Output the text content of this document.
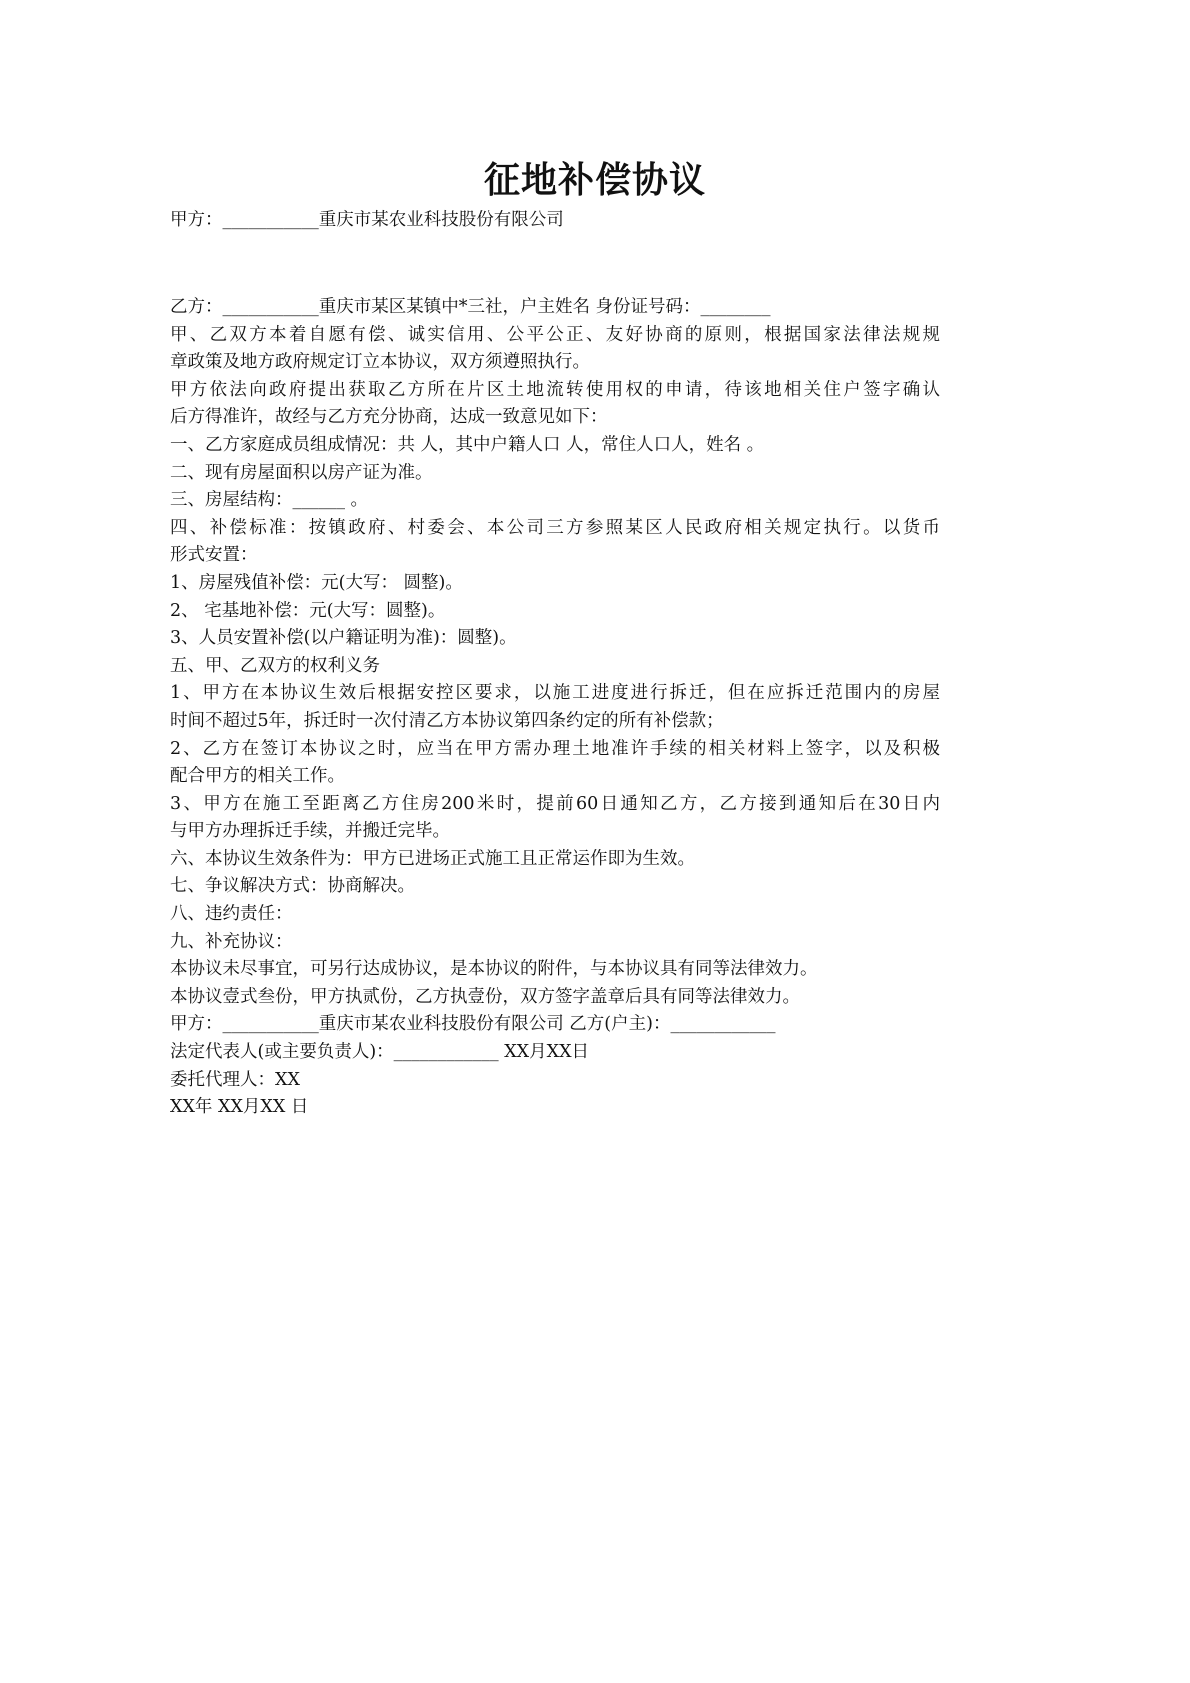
征地补偿协议
甲方：___________重庆市某农业科技股份有限公司
乙方：___________重庆市某区某镇中*三社，户主姓名 身份证号码：________
甲、乙双方本着自愿有偿、诚实信用、公平公正、友好协商的原则，根据国家法律法规规
章政策及地方政府规定订立本协议，双方须遵照执行。
甲方依法向政府提出获取乙方所在片区土地流转使用权的申请，待该地相关住户签字确认
后方得准许，故经与乙方充分协商，达成一致意见如下：
一、乙方家庭成员组成情况：共 人，其中户籍人口 人，常住人口人，姓名 。
二、现有房屋面积以房产证为准。
三、房屋结构：______ 。
四、补偿标准：按镇政府、村委会、本公司三方参照某区人民政府相关规定执行。以货币
形式安置：
1、房屋残值补偿：元(大写： 圆整)。
2、 宅基地补偿：元(大写：圆整)。
3、人员安置补偿(以户籍证明为准)：圆整)。
五、甲、乙双方的权利义务
1、甲方在本协议生效后根据安控区要求，以施工进度进行拆迁，但在应拆迁范围内的房屋
时间不超过5年，拆迁时一次付清乙方本协议第四条约定的所有补偿款；
2、乙方在签订本协议之时，应当在甲方需办理土地准许手续的相关材料上签字，以及积极
配合甲方的相关工作。
3、甲方在施工至距离乙方住房200米时，提前60日通知乙方，乙方接到通知后在30日内
与甲方办理拆迁手续，并搬迁完毕。
六、本协议生效条件为：甲方已进场正式施工且正常运作即为生效。
七、争议解决方式：协商解决。
八、违约责任：
九、补充协议：
本协议未尽事宜，可另行达成协议，是本协议的附件，与本协议具有同等法律效力。
本协议壹式叁份，甲方执贰份，乙方执壹份，双方签字盖章后具有同等法律效力。
甲方：___________重庆市某农业科技股份有限公司 乙方(户主)：____________
法定代表人(或主要负责人)：____________ XX月XX日
委托代理人：XX
XX年 XX月XX 日
